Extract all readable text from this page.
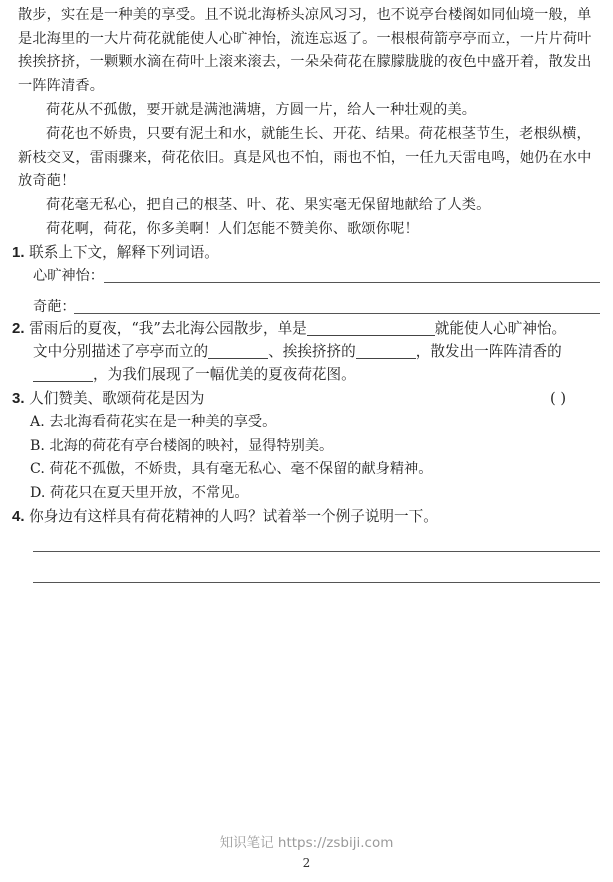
散步，实在是一种美的享受。且不说北海桥头凉风习习，也不说亭台楼阁如同仙境一般，单是北海里的一大片荷花就能使人心旷神怡，流连忘返了。一根根荷箭亭亭而立，一片片荷叶挨挨挤挤，一颗颗水滴在荷叶上滚来滚去，一朵朵荷花在朦朦胧胧的夜色中盛开着，散发出一阵阵清香。
荷花从不孤傲，要开就是满池满塘，方圆一片，给人一种壮观的美。
荷花也不娇贵，只要有泥土和水，就能生长、开花、结果。荷花根茎节生，老根纵横，新枝交叉，雷雨骤来，荷花依旧。真是风也不怕，雨也不怕，一任九天雷电鸣，她仍在水中放奇葩！
荷花毫无私心，把自己的根茎、叶、花、果实毫无保留地献给了人类。
荷花啊，荷花，你多美啊！人们怎能不赞美你、歌颂你呢！
1. 联系上下文，解释下列词语。
心旷神怡：
奇葩：
2. 雷雨后的夏夜，“我”去北海公园散步，单是	就能使人心旷神怡。
文中分别描述了亭亭而立的	、挨挨挤挤的	，散发出一阵阵清香的
，为我们展现了一幅优美的夏夜荷花图。
3. 人们赞美、歌颂荷花是因为	( )
A. 去北海看荷花实在是一种美的享受。
B. 北海的荷花有亭台楼阁的映衬，显得特别美。
C. 荷花不孤傲，不娇贵，具有毫无私心、毫不保留的献身精神。
D. 荷花只在夏天里开放，不常见。
4. 你身边有这样具有荷花精神的人吗？试着举一个例子说明一下。
知识笔记 https://zsbiji.com
2
